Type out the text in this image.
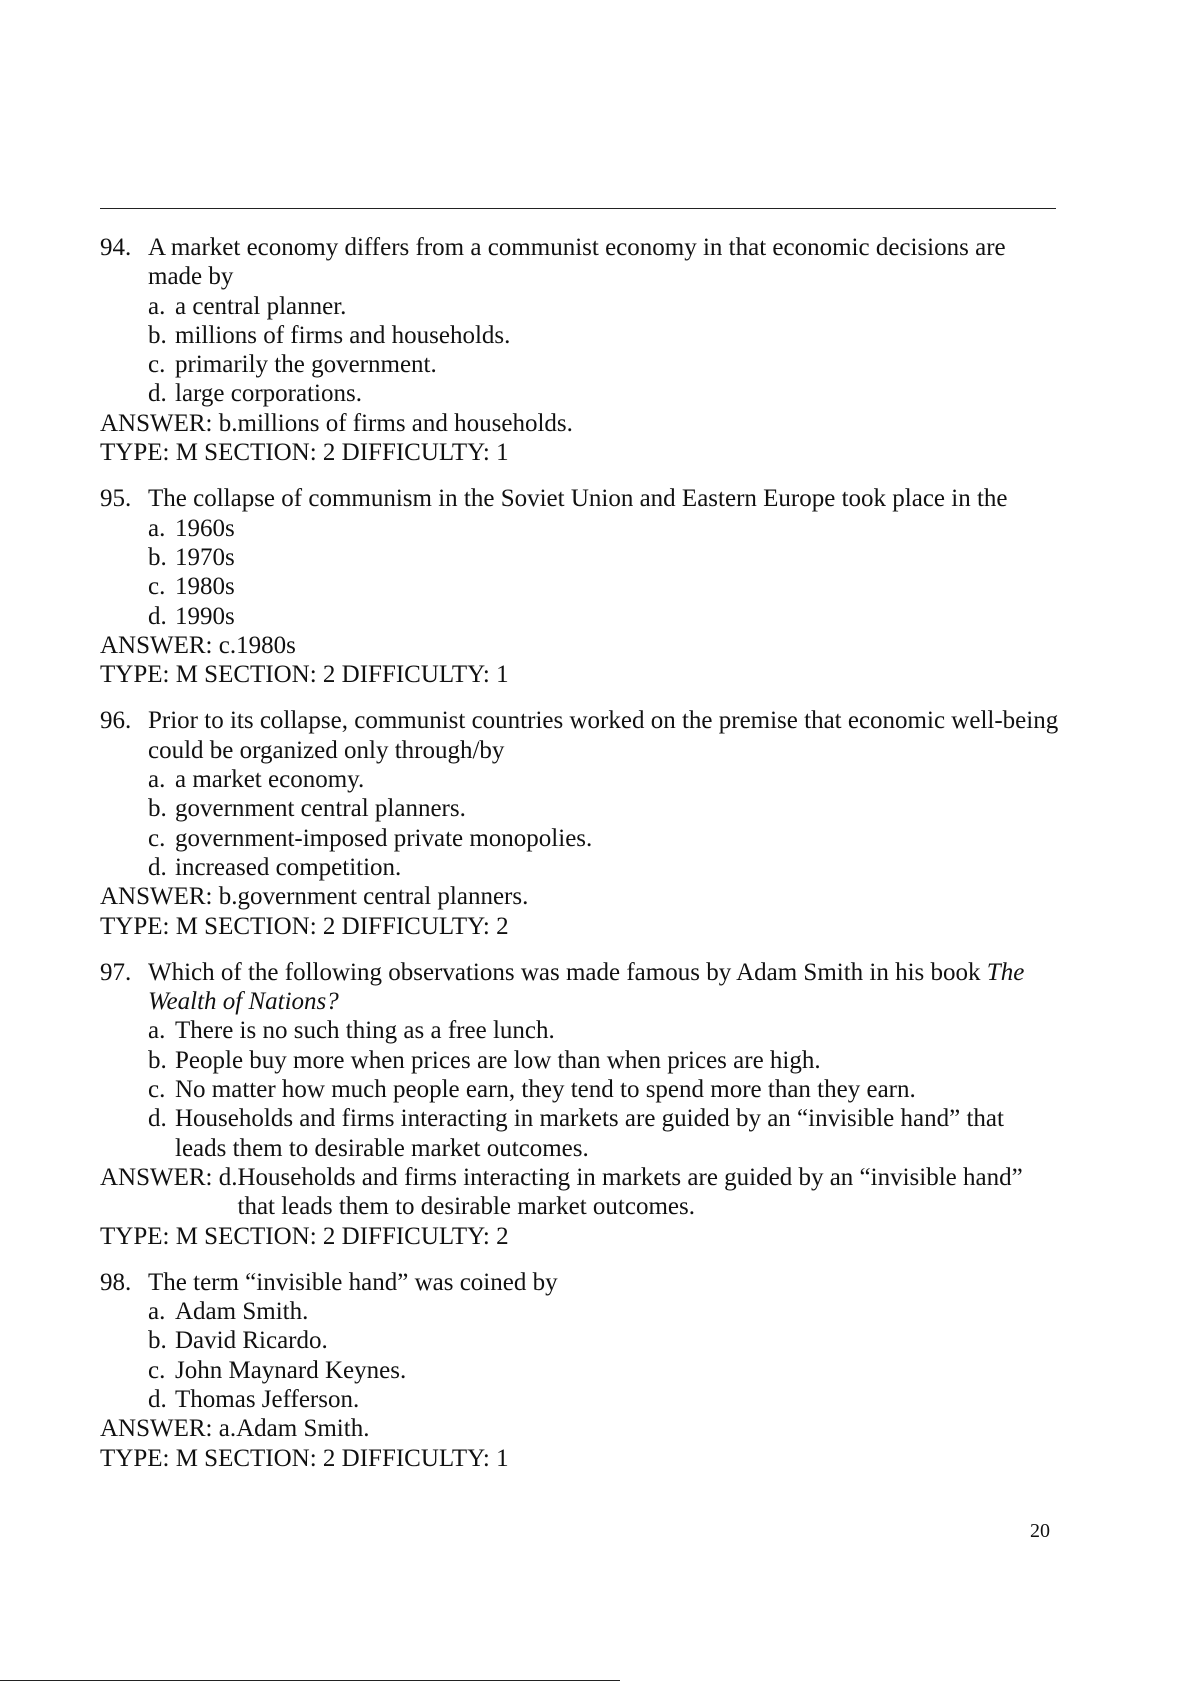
94. A market economy differs from a communist economy in that economic decisions are made by
a. a central planner.
b. millions of firms and households.
c. primarily the government.
d. large corporations.
ANSWER: b. millions of firms and households.
TYPE: M SECTION: 2 DIFFICULTY: 1
95. The collapse of communism in the Soviet Union and Eastern Europe took place in the
a. 1960s
b. 1970s
c. 1980s
d. 1990s
ANSWER: c. 1980s
TYPE: M SECTION: 2 DIFFICULTY: 1
96. Prior to its collapse, communist countries worked on the premise that economic well-being could be organized only through/by
a. a market economy.
b. government central planners.
c. government-imposed private monopolies.
d. increased competition.
ANSWER: b. government central planners.
TYPE: M SECTION: 2 DIFFICULTY: 2
97. Which of the following observations was made famous by Adam Smith in his book The Wealth of Nations?
a. There is no such thing as a free lunch.
b. People buy more when prices are low than when prices are high.
c. No matter how much people earn, they tend to spend more than they earn.
d. Households and firms interacting in markets are guided by an “invisible hand” that leads them to desirable market outcomes.
ANSWER: d. Households and firms interacting in markets are guided by an “invisible hand” that leads them to desirable market outcomes.
TYPE: M SECTION: 2 DIFFICULTY: 2
98. The term “invisible hand” was coined by
a. Adam Smith.
b. David Ricardo.
c. John Maynard Keynes.
d. Thomas Jefferson.
ANSWER: a. Adam Smith.
TYPE: M SECTION: 2 DIFFICULTY: 1
20
